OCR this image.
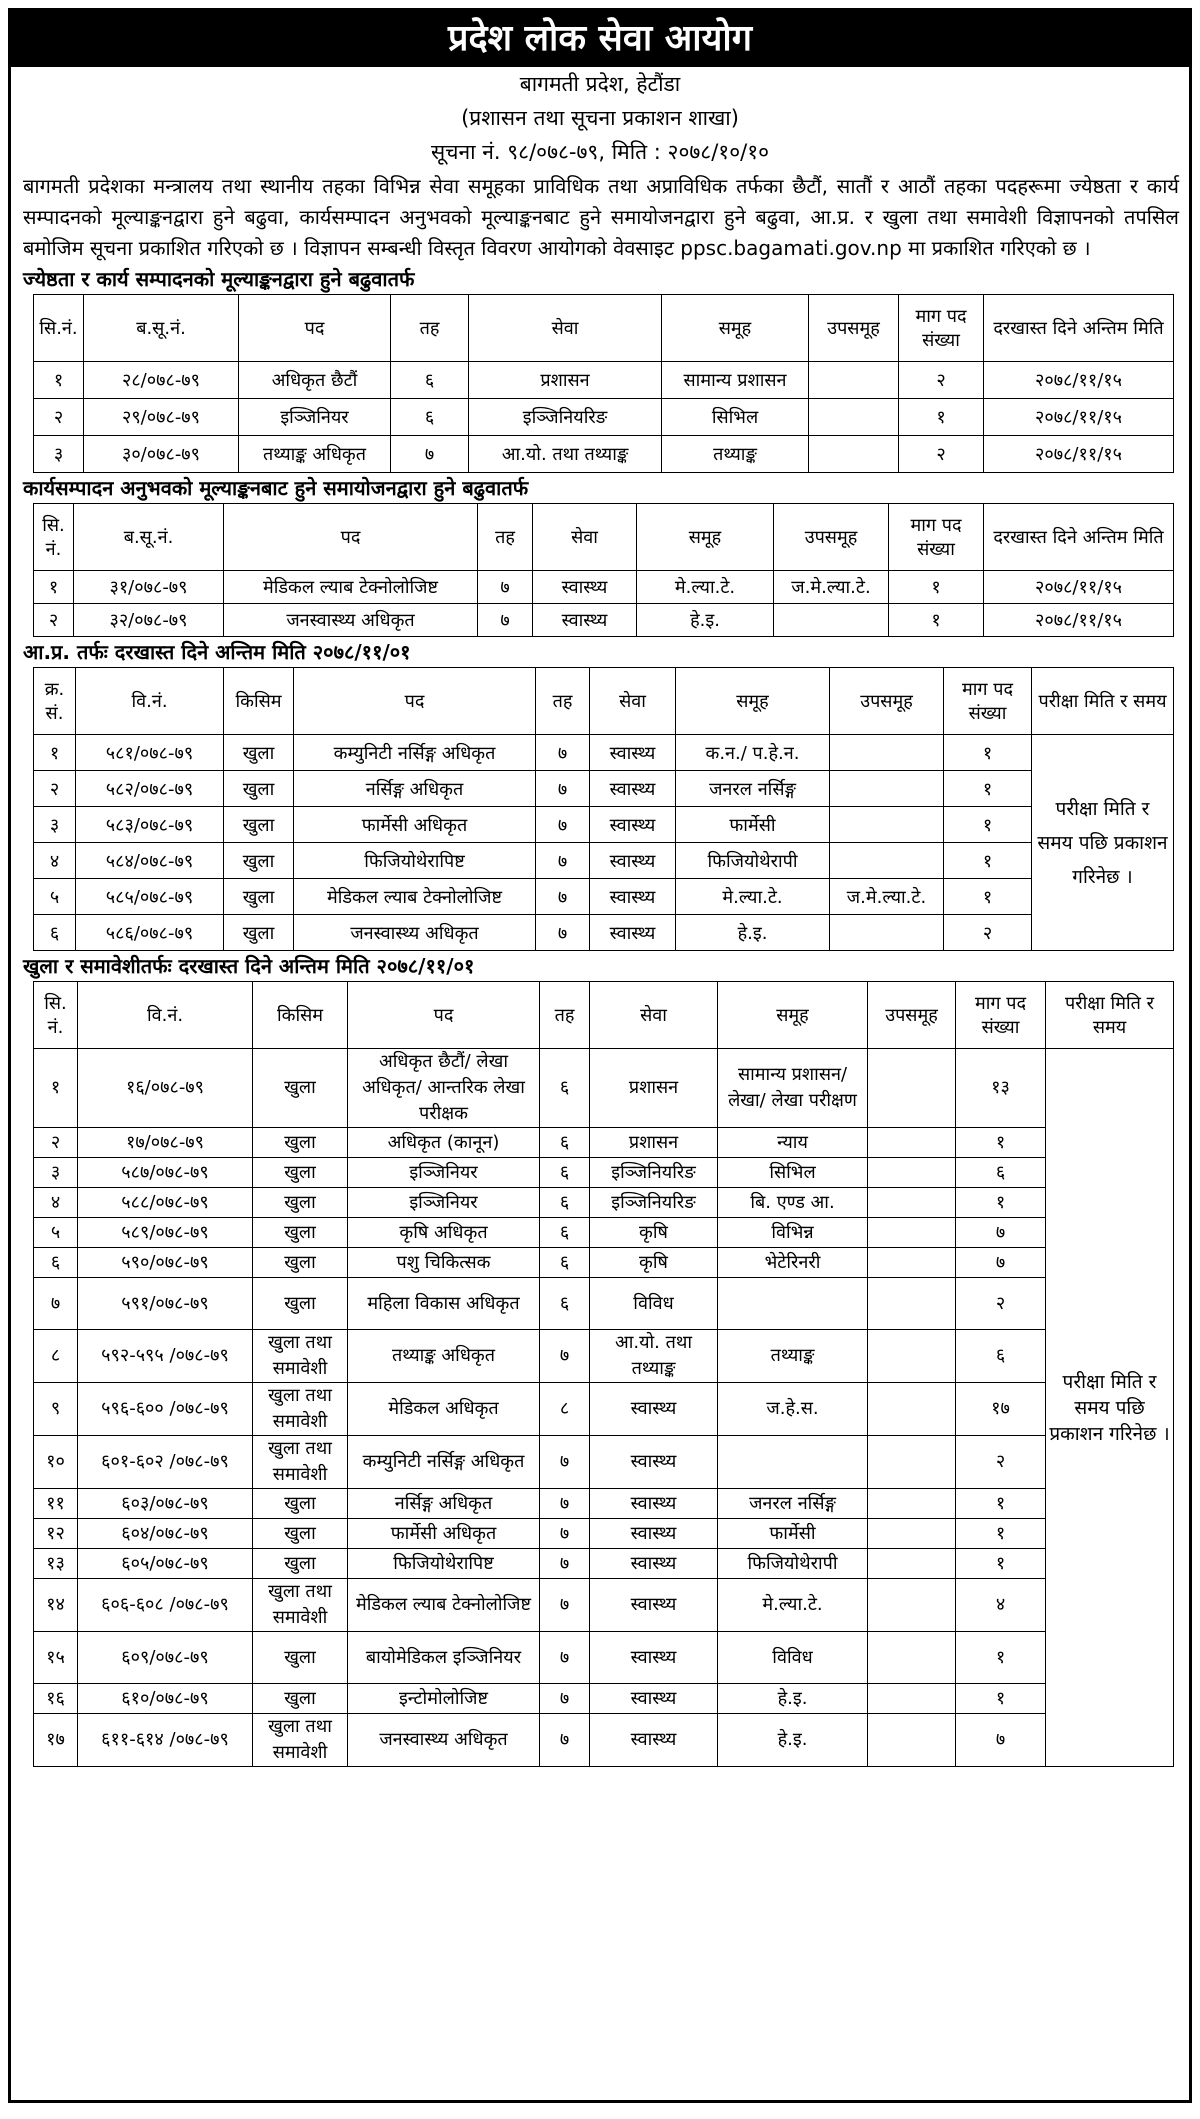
प्रदेश लोक सेवा आयोग
बागमती प्रदेश, हेटौंडा
(प्रशासन तथा सूचना प्रकाशन शाखा)
सूचना नं. ९८/०७८-७९, मिति : २०७८/१०/१०
बागमती प्रदेशका मन्त्रालय तथा स्थानीय तहका विभिन्न सेवा समूहका प्राविधिक तथा अप्राविधिक तर्फका छैटौं, सातौं र आठौं तहका पदहरूमा ज्येष्ठता र कार्य सम्पादनको मूल्याङ्कनद्वारा हुने बढुवा, कार्यसम्पादन अनुभवको मूल्याङ्कनबाट हुने समायोजनद्वारा हुने बढुवा, आ.प्र. र खुला तथा समावेशी विज्ञापनको तपसिल बमोजिम सूचना प्रकाशित गरिएको छ । विज्ञापन सम्बन्धी विस्तृत विवरण आयोगको वेवसाइट ppsc.bagamati.gov.np मा प्रकाशित गरिएको छ ।
ज्येष्ठता र कार्य सम्पादनको मूल्याङ्कनद्वारा हुने बढुवातर्फ
सि.नं.	ब.सू.नं.	पद	तह	सेवा	समूह	उपसमूह	माग पद संख्या	दरखास्त दिने अन्तिम मिति
१	२८/०७८-७९	अधिकृत छैटौं	६	प्रशासन	सामान्य प्रशासन		२	२०७८/११/१५
२	२९/०७८-७९	इञ्जिनियर	६	इञ्जिनियरिङ	सिभिल		१	२०७८/११/१५
३	३०/०७८-७९	तथ्याङ्क अधिकृत	७	आ.यो. तथा तथ्याङ्क	तथ्याङ्क		२	२०७८/११/१५
कार्यसम्पादन अनुभवको मूल्याङ्कनबाट हुने समायोजनद्वारा हुने बढुवातर्फ
सि. नं.	ब.सू.नं.	पद	तह	सेवा	समूह	उपसमूह	माग पद संख्या	दरखास्त दिने अन्तिम मिति
१	३१/०७८-७९	मेडिकल ल्याब टेक्नोलोजिष्ट	७	स्वास्थ्य	मे.ल्या.टे.	ज.मे.ल्या.टे.	१	२०७८/११/१५
२	३२/०७८-७९	जनस्वास्थ्य अधिकृत	७	स्वास्थ्य	हे.इ.		१	२०७८/११/१५
आ.प्र. तर्फः दरखास्त दिने अन्तिम मिति २०७८/११/०१
क्र. सं.	वि.नं.	किसिम	पद	तह	सेवा	समूह	उपसमूह	माग पद संख्या	परीक्षा मिति र समय
१	५८१/०७८-७९	खुला	कम्युनिटी नर्सिङ्ग अधिकृत	७	स्वास्थ्य	क.न./ प.हे.न.		१	परीक्षा मिति र समय पछि प्रकाशन गरिनेछ ।
२	५८२/०७८-७९	खुला	नर्सिङ्ग अधिकृत	७	स्वास्थ्य	जनरल नर्सिङ्ग		१	
३	५८३/०७८-७९	खुला	फार्मेसी अधिकृत	७	स्वास्थ्य	फार्मेसी		१	
४	५८४/०७८-७९	खुला	फिजियोथेरापिष्ट	७	स्वास्थ्य	फिजियोथेरापी		१	
५	५८५/०७८-७९	खुला	मेडिकल ल्याब टेक्नोलोजिष्ट	७	स्वास्थ्य	मे.ल्या.टे.	ज.मे.ल्या.टे.	१	
६	५८६/०७८-७९	खुला	जनस्वास्थ्य अधिकृत	७	स्वास्थ्य	हे.इ.		२	
खुला र समावेशीतर्फः दरखास्त दिने अन्तिम मिति २०७८/११/०१
सि. नं.	वि.नं.	किसिम	पद	तह	सेवा	समूह	उपसमूह	माग पद संख्या	परीक्षा मिति र समय
१	१६/०७८-७९	खुला	अधिकृत छैटौं/ लेखा अधिकृत/ आन्तरिक लेखा परीक्षक	६	प्रशासन	सामान्य प्रशासन/लेखा/ लेखा परीक्षण		१३	परीक्षा मिति र समय पछि प्रकाशन गरिनेछ ।
२	१७/०७८-७९	खुला	अधिकृत (कानून)	६	प्रशासन	न्याय		१	
३	५८७/०७८-७९	खुला	इञ्जिनियर	६	इञ्जिनियरिङ	सिभिल		६	
४	५८८/०७८-७९	खुला	इञ्जिनियर	६	इञ्जिनियरिङ	बि. एण्ड आ.		१	
५	५८९/०७८-७९	खुला	कृषि अधिकृत	६	कृषि	विभिन्न		७	
६	५९०/०७८-७९	खुला	पशु चिकित्सक	६	कृषि	भेटेरिनरी		७	
७	५९१/०७८-७९	खुला	महिला विकास अधिकृत	६	विविध			२	
८	५९२-५९५ /०७८-७९	खुला तथा समावेशी	तथ्याङ्क अधिकृत	७	आ.यो. तथा तथ्याङ्क	तथ्याङ्क		६	
९	५९६-६०० /०७८-७९	खुला तथा समावेशी	मेडिकल अधिकृत	८	स्वास्थ्य	ज.हे.स.		१७	
१०	६०१-६०२ /०७८-७९	खुला तथा समावेशी	कम्युनिटी नर्सिङ्ग अधिकृत	७	स्वास्थ्य			२	
११	६०३/०७८-७९	खुला	नर्सिङ्ग अधिकृत	७	स्वास्थ्य	जनरल नर्सिङ्ग		१	
१२	६०४/०७८-७९	खुला	फार्मेसी अधिकृत	७	स्वास्थ्य	फार्मेसी		१	
१३	६०५/०७८-७९	खुला	फिजियोथेरापिष्ट	७	स्वास्थ्य	फिजियोथेरापी		१	
१४	६०६-६०८ /०७८-७९	खुला तथा समावेशी	मेडिकल ल्याब टेक्नोलोजिष्ट	७	स्वास्थ्य	मे.ल्या.टे.		४	
१५	६०९/०७८-७९	खुला	बायोमेडिकल इञ्जिनियर	७	स्वास्थ्य	विविध		१	
१६	६१०/०७८-७९	खुला	इन्टोमोलोजिष्ट	७	स्वास्थ्य	हे.इ.		१	
१७	६११-६१४ /०७८-७९	खुला तथा समावेशी	जनस्वास्थ्य अधिकृत	७	स्वास्थ्य	हे.इ.		७	
